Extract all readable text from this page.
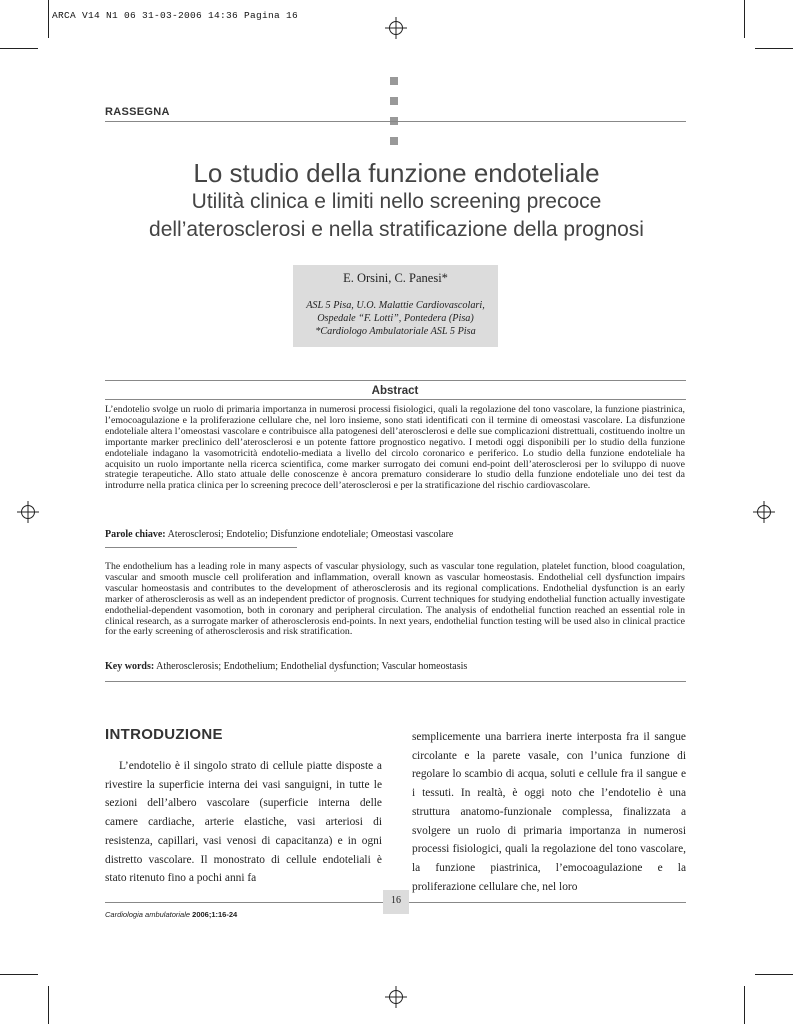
ARCA V14 N1 06 31-03-2006 14:36 Pagina 16
RASSEGNA
Lo studio della funzione endoteliale
Utilità clinica e limiti nello screening precoce
dell’aterosclerosi e nella stratificazione della prognosi
E. Orsini, C. Panesi*
ASL 5 Pisa, U.O. Malattie Cardiovascolari,
Ospedale “F. Lotti”, Pontedera (Pisa)
*Cardiologo Ambulatoriale ASL 5 Pisa
Abstract
L’endotelio svolge un ruolo di primaria importanza in numerosi processi fisiologici, quali la regolazione del tono vascolare, la funzione piastrinica, l’emocoagulazione e la proliferazione cellulare che, nel loro insieme, sono stati identificati con il termine di omeostasi vascolare. La disfunzione endoteliale altera l’omeostasi vascolare e contribuisce alla patogenesi dell’aterosclerosi e delle sue complicazioni distrettuali, costituendo inoltre un importante marker preclinico dell’aterosclerosi e un potente fattore prognostico negativo. I metodi oggi disponibili per lo studio della funzione endoteliale indagano la vasomotricità endotelio-mediata a livello del circolo coronarico e periferico. Lo studio della funzione endoteliale ha acquisito un ruolo importante nella ricerca scientifica, come marker surrogato dei comuni end-point dell’aterosclerosi per lo sviluppo di nuove strategie terapeutiche. Allo stato attuale delle conoscenze è ancora prematuro considerare lo studio della funzione endoteliale uno dei test da introdurre nella pratica clinica per lo screening precoce dell’aterosclerosi e per la stratificazione del rischio cardiovascolare.
Parole chiave: Aterosclerosi; Endotelio; Disfunzione endoteliale; Omeostasi vascolare
The endothelium has a leading role in many aspects of vascular physiology, such as vascular tone regulation, platelet function, blood coagulation, vascular and smooth muscle cell proliferation and inflammation, overall known as vascular homeostasis. Endothelial cell dysfunction impairs vascular homeostasis and contributes to the development of atherosclerosis and its regional complications. Endothelial dysfunction is an early marker of atherosclerosis as well as an independent predictor of prognosis. Current techniques for studying endothelial function actually investigate endothelial-dependent vasomotion, both in coronary and peripheral circulation. The analysis of endothelial function reached an essential role in clinical research, as a surrogate marker of atherosclerosis end-points. In next years, endothelial function testing will be used also in clinical practice for the early screening of atherosclerosis and risk stratification.
Key words: Atherosclerosis; Endothelium; Endothelial dysfunction; Vascular homeostasis
INTRODUZIONE
L’endotelio è il singolo strato di cellule piatte disposte a rivestire la superficie interna dei vasi sanguigni, in tutte le sezioni dell’albero vascolare (superficie interna delle camere cardiache, arterie elastiche, vasi arteriosi di resistenza, capillari, vasi venosi di capacitanza) e in ogni distretto vascolare. Il monostrato di cellule endoteliali è stato ritenuto fino a pochi anni fa
semplicemente una barriera inerte interposta fra il sangue circolante e la parete vasale, con l’unica funzione di regolare lo scambio di acqua, soluti e cellule fra il sangue e i tessuti. In realtà, è oggi noto che l’endotelio è una struttura anatomo-funzionale complessa, finalizzata a svolgere un ruolo di primaria importanza in numerosi processi fisiologici, quali la regolazione del tono vascolare, la funzione piastrinica, l’emocoagulazione e la proliferazione cellulare che, nel loro
16
Cardiologia ambulatoriale 2006;1:16-24
